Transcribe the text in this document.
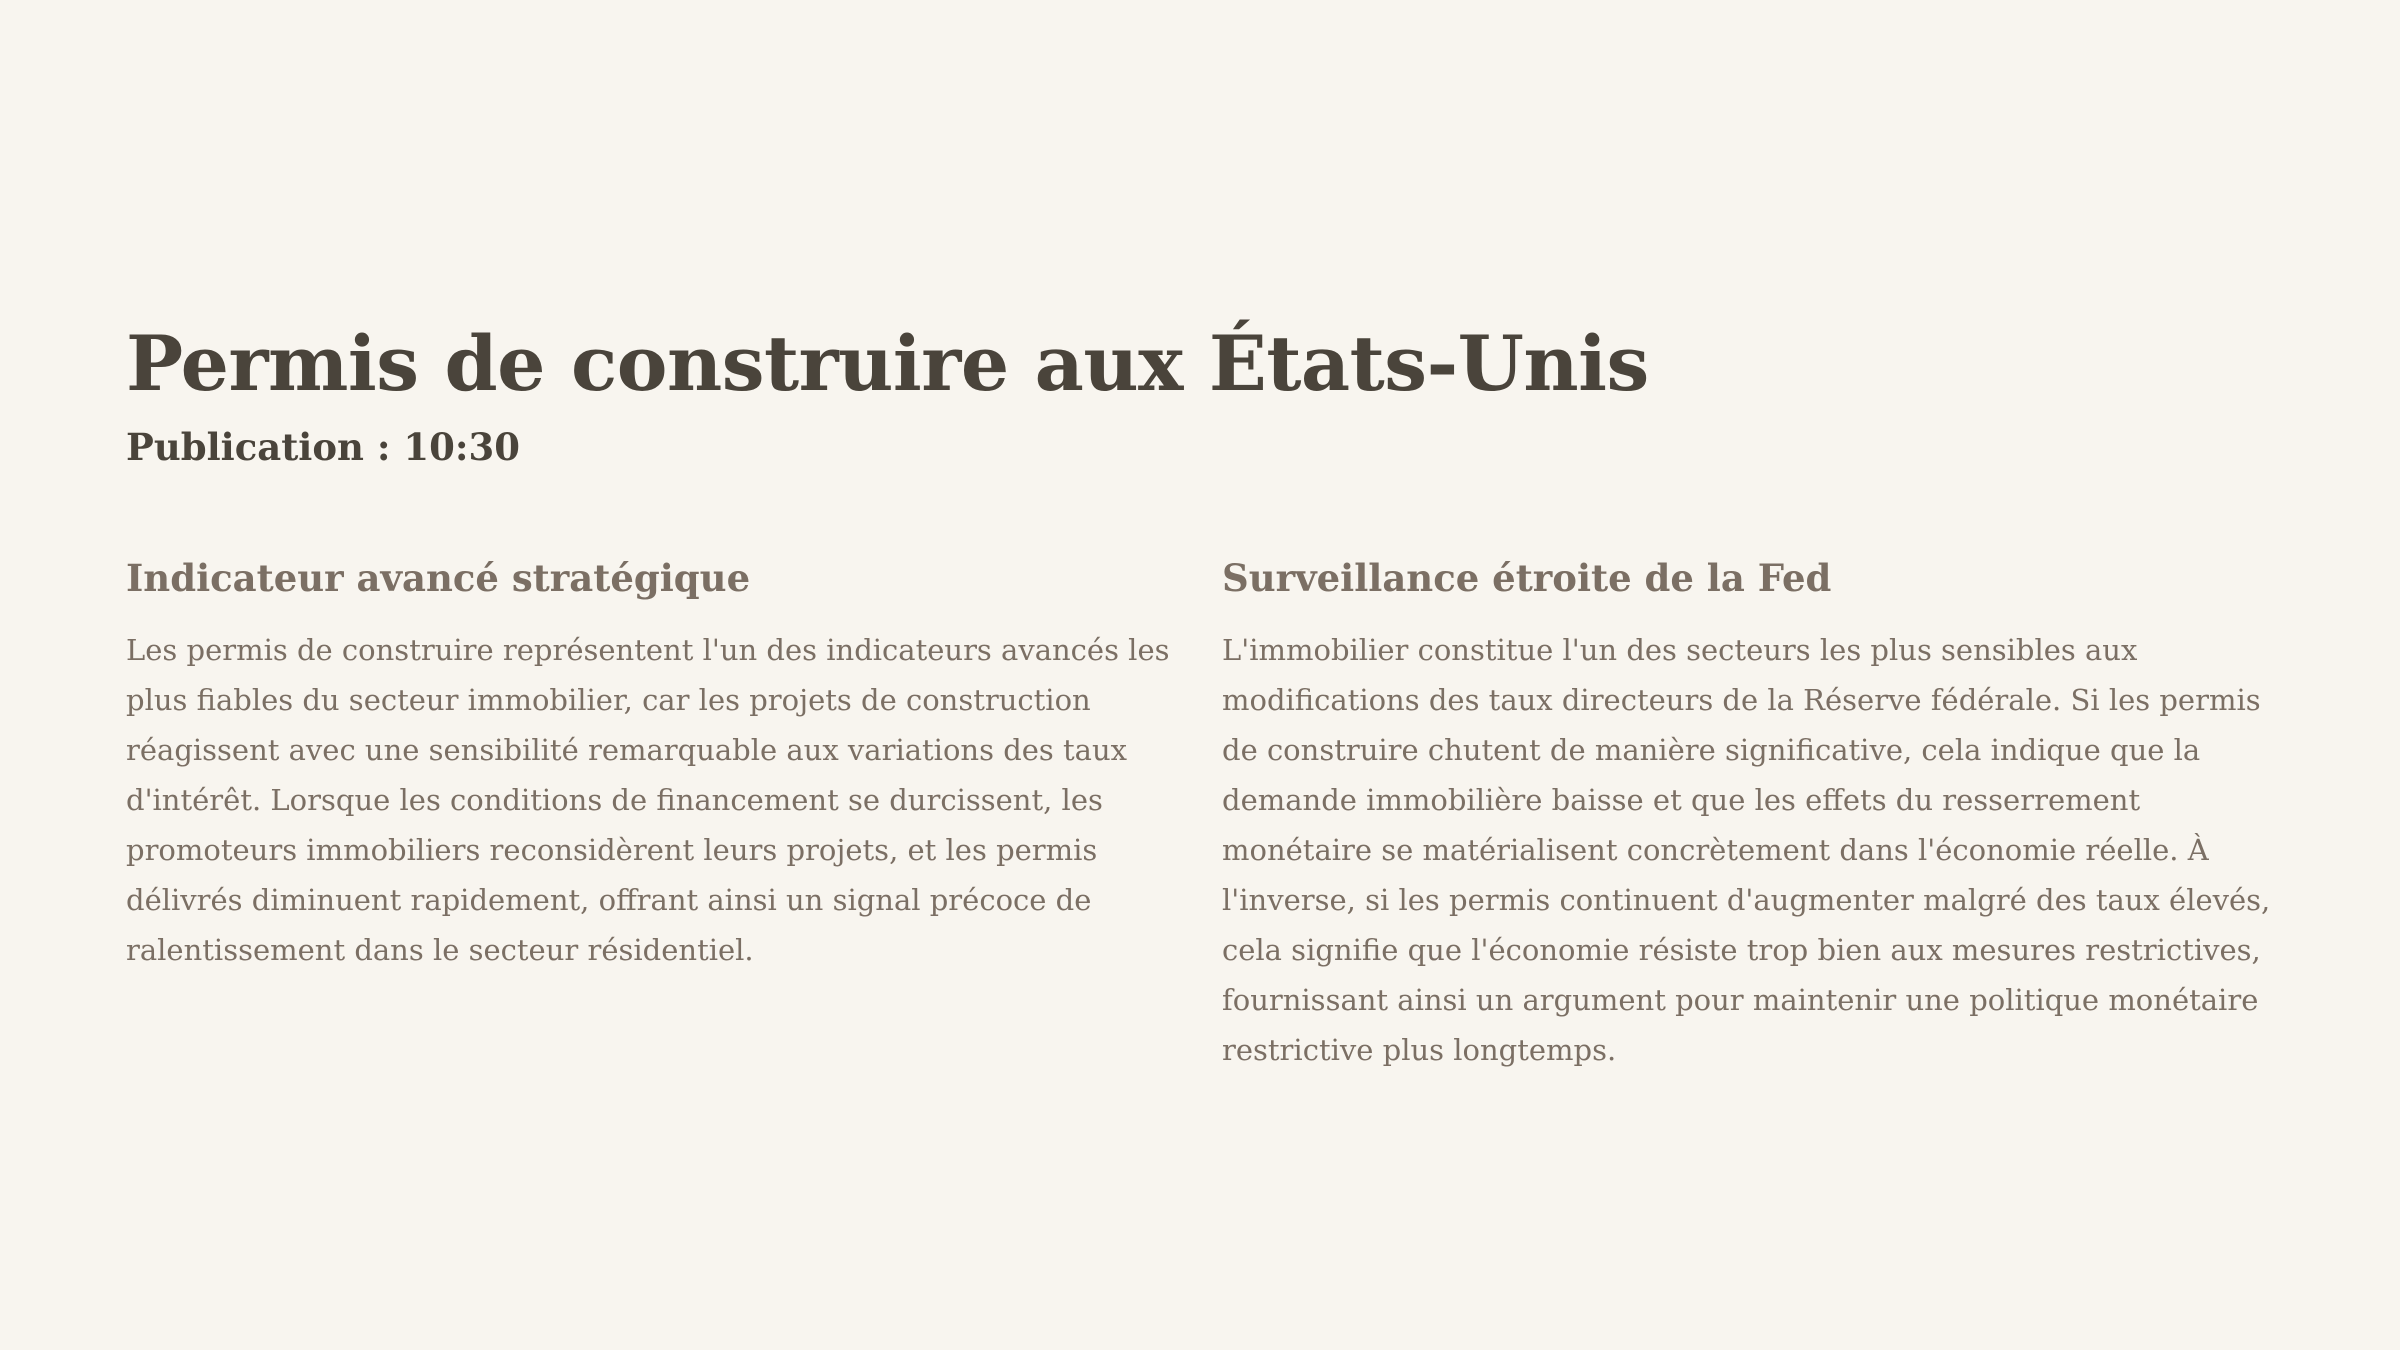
Permis de construire aux États-Unis
Publication : 10:30
Indicateur avancé stratégique

Les permis de construire représentent l'un des indicateurs avancés les plus fiables du secteur immobilier, car les projets de construction réagissent avec une sensibilité remarquable aux variations des taux d'intérêt. Lorsque les conditions de financement se durcissent, les promoteurs immobiliers reconsidèrent leurs projets, et les permis délivrés diminuent rapidement, offrant ainsi un signal précoce de ralentissement dans le secteur résidentiel.

Surveillance étroite de la Fed

L'immobilier constitue l'un des secteurs les plus sensibles aux modifications des taux directeurs de la Réserve fédérale. Si les permis de construire chutent de manière significative, cela indique que la demande immobilière baisse et que les effets du resserrement monétaire se matérialisent concrètement dans l'économie réelle. À l'inverse, si les permis continuent d'augmenter malgré des taux élevés, cela signifie que l'économie résiste trop bien aux mesures restrictives, fournissant ainsi un argument pour maintenir une politique monétaire restrictive plus longtemps.
